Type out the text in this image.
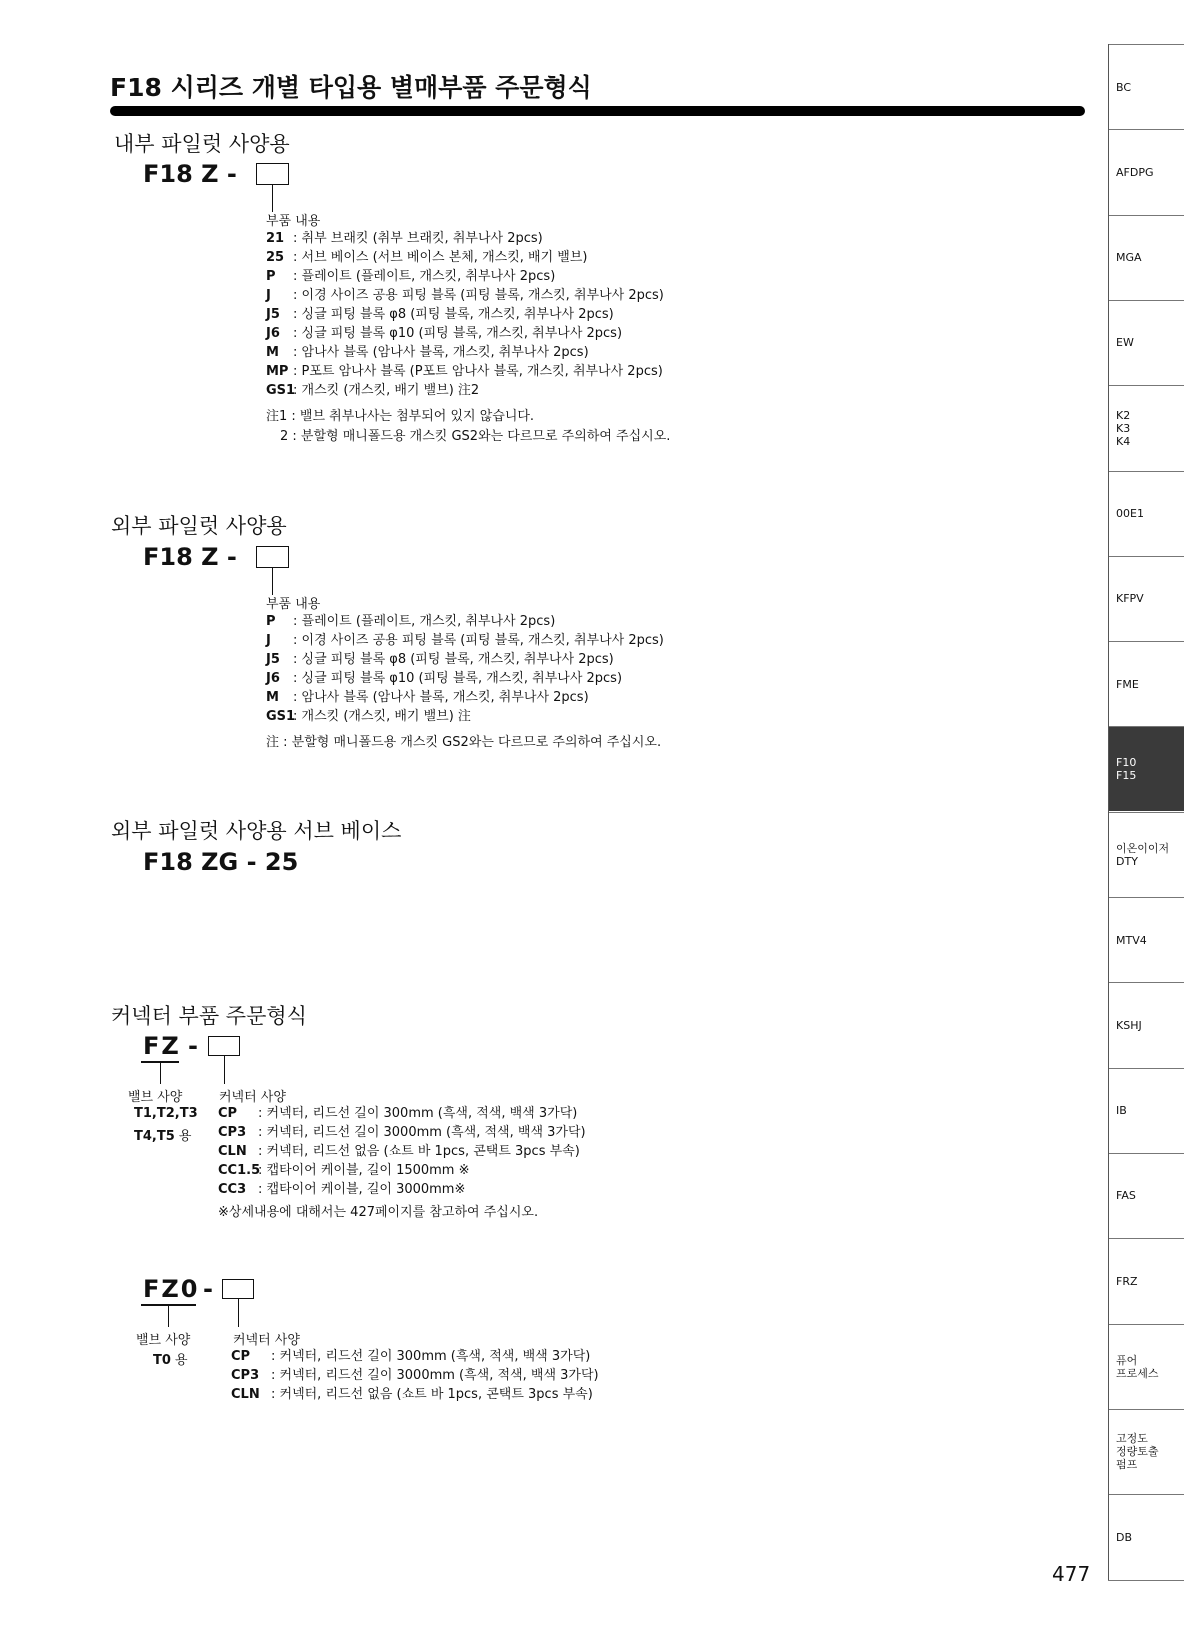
F18 시리즈 개별 타입용 별매부품 주문형식
내부 파일럿 사양용
F18 Z -
부품 내용
21 : 취부 브래킷 (취부 브래킷, 취부나사 2pcs)
25 : 서브 베이스 (서브 베이스 본체, 개스킷, 배기 밸브)
P : 플레이트 (플레이트, 개스킷, 취부나사 2pcs)
J : 이경 사이즈 공용 피팅 블록 (피팅 블록, 개스킷, 취부나사 2pcs)
J5 : 싱글 피팅 블록 φ8 (피팅 블록, 개스킷, 취부나사 2pcs)
J6 : 싱글 피팅 블록 φ10 (피팅 블록, 개스킷, 취부나사 2pcs)
M : 암나사 블록 (암나사 블록, 개스킷, 취부나사 2pcs)
MP : P포트 암나사 블록 (P포트 암나사 블록, 개스킷, 취부나사 2pcs)
GS1
: 개스킷 (개스킷, 배기 밸브) 注2
注1 : 밸브 취부나사는 첨부되어 있지 않습니다.
2 : 분할형 매니폴드용 개스킷 GS2와는 다르므로 주의하여 주십시오.
외부 파일럿 사양용
F18 Z -
부품 내용
P : 플레이트 (플레이트, 개스킷, 취부나사 2pcs)
J : 이경 사이즈 공용 피팅 블록 (피팅 블록, 개스킷, 취부나사 2pcs)
J5 : 싱글 피팅 블록 φ8 (피팅 블록, 개스킷, 취부나사 2pcs)
J6 : 싱글 피팅 블록 φ10 (피팅 블록, 개스킷, 취부나사 2pcs)
M : 암나사 블록 (암나사 블록, 개스킷, 취부나사 2pcs)
GS1
: 개스킷 (개스킷, 배기 밸브) 注
注 : 분할형 매니폴드용 개스킷 GS2와는 다르므로 주의하여 주십시오.
외부 파일럿 사양용 서브 베이스
F18 ZG - 25
커넥터 부품 주문형식
FZ -
밸브 사양
T1,T2,T3
T4,T5 용
커넥터 사양
CP : 커넥터, 리드선 길이 300mm (흑색, 적색, 백색 3가닥)
CP3 : 커넥터, 리드선 길이 3000mm (흑색, 적색, 백색 3가닥)
CLN : 커넥터, 리드선 없음 (쇼트 바 1pcs, 콘택트 3pcs 부속)
CC1.5
: 캡타이어 케이블, 길이 1500mm ※
CC3 : 캡타이어 케이블, 길이 3000mm※
※상세내용에 대해서는 427페이지를 참고하여 주십시오.
FZ0 -
밸브 사양
T0 용
커넥터 사양
CP : 커넥터, 리드선 길이 300mm (흑색, 적색, 백색 3가닥)
CP3 : 커넥터, 리드선 길이 3000mm (흑색, 적색, 백색 3가닥)
CLN : 커넥터, 리드선 없음 (쇼트 바 1pcs, 콘택트 3pcs 부속)
BC
AFDPG
MGA
EW
K2
K3
K4
00E1
KFPV
FME
F10
F15
이온이이저
DTY
MTV4
KSHJ
IB
FAS
FRZ
퓨어
프로세스
고정도
정량토출
펌프
DB
477
